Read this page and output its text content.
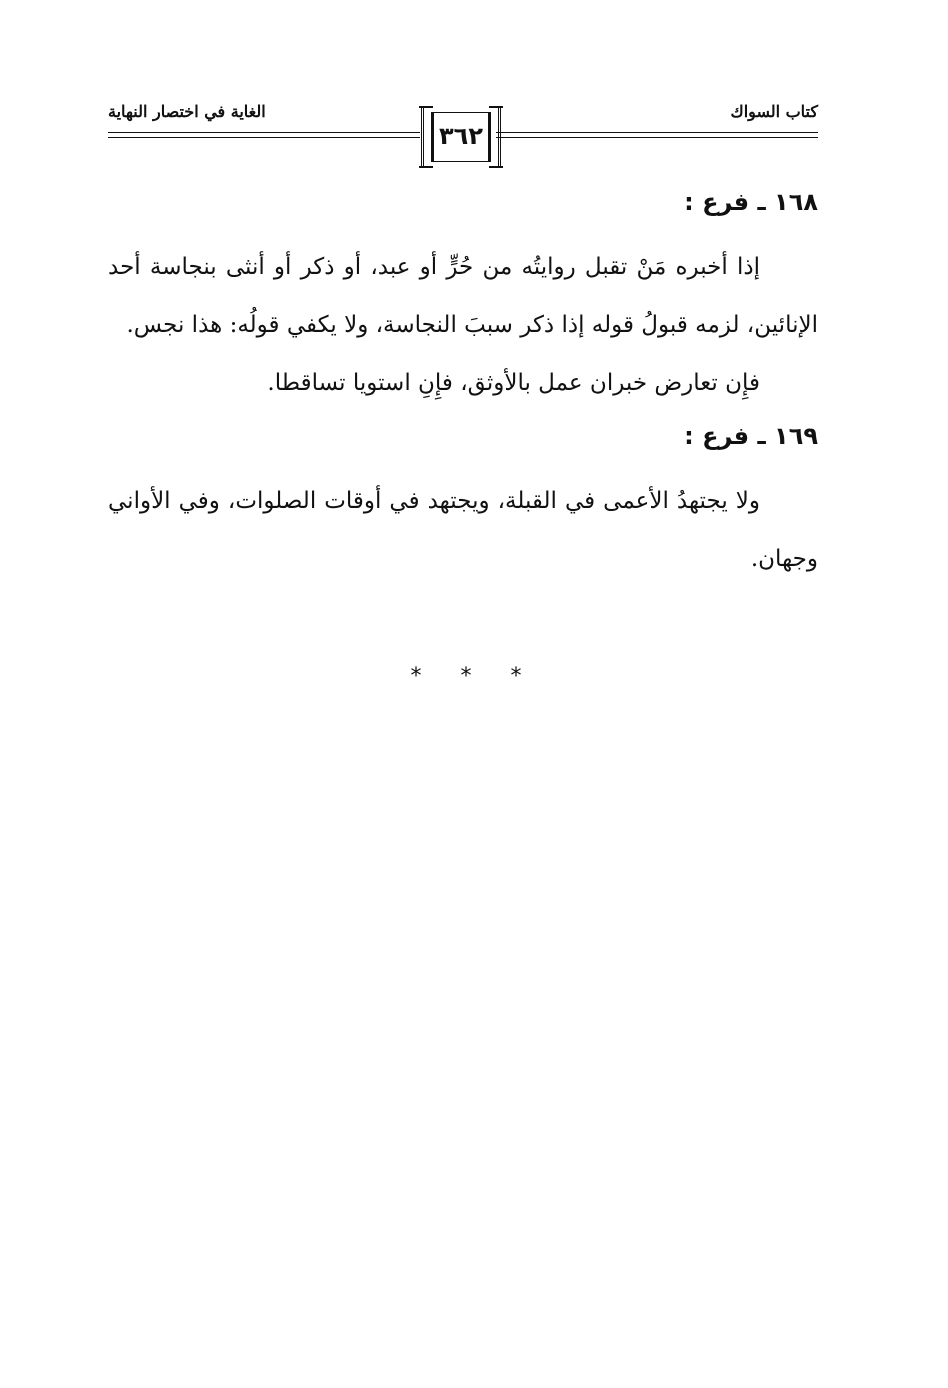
كتاب السواك
الغاية في اختصار النهاية
٣٦٢
١٦٨ ـ فرع :
إذا أخبره مَنْ تقبل روايتُه من حُرٍّ أو عبد، أو ذكر أو أنثى بنجاسة أحد الإنائين، لزمه قبولُ قوله إذا ذكر سببَ النجاسة، ولا يكفي قولُه: هذا نجس.
فإِن تعارض خبران عمل بالأوثق، فإِنِ استويا تساقطا.
١٦٩ ـ فرع :
ولا يجتهدُ الأعمى في القبلة، ويجتهد في أوقات الصلوات، وفي الأواني وجهان.
* * *
